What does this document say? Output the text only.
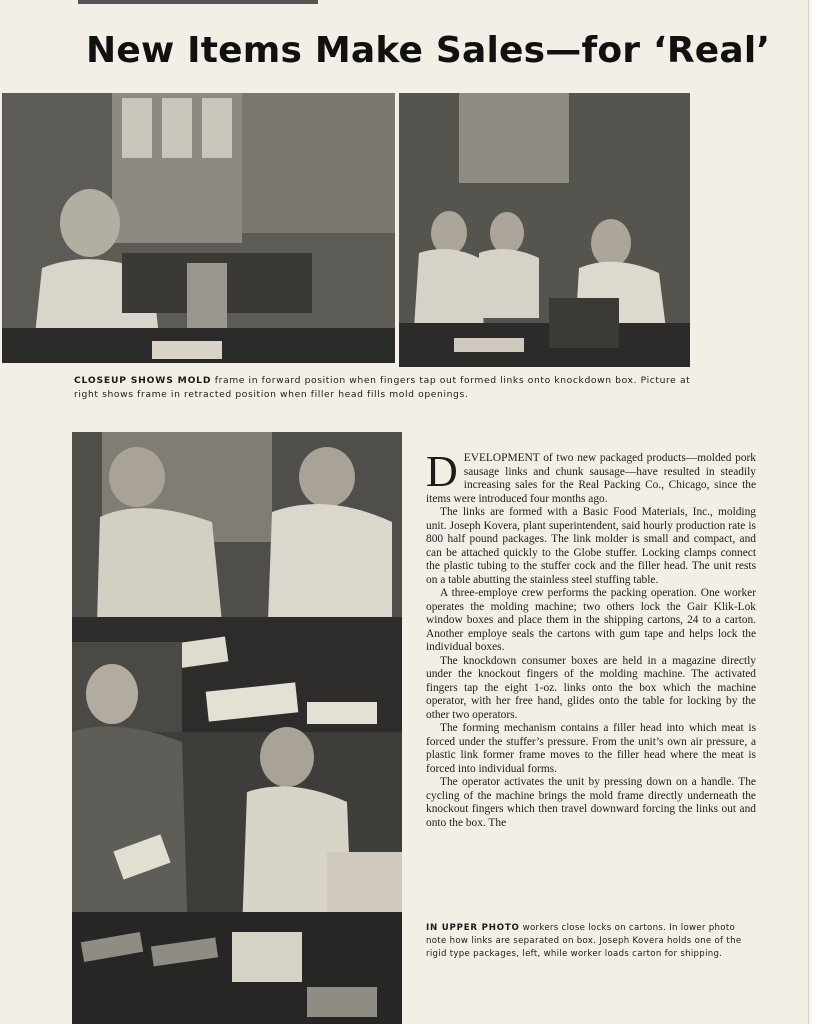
New Items Make Sales—for ‘Real’
CLOSEUP SHOWS MOLD frame in forward position when fingers tap out formed links onto knockdown box. Picture at right shows frame in retracted position when filler head fills mold openings.

DEVELOPMENT of two new packaged products—molded pork sausage links and chunk sausage—have resulted in steadily increasing sales for the Real Packing Co., Chicago, since the items were introduced four months ago.

The links are formed with a Basic Food Materials, Inc., molding unit. Joseph Kovera, plant superintendent, said hourly production rate is 800 half pound packages. The link molder is small and compact, and can be attached quickly to the Globe stuffer. Locking clamps connect the plastic tubing to the stuffer cock and the filler head. The unit rests on a table abutting the stainless steel stuffing table.

A three-employe crew performs the packing operation. One worker operates the molding machine; two others lock the Gair Klik-Lok window boxes and place them in the shipping cartons, 24 to a carton. Another employe seals the cartons with gum tape and helps lock the individual boxes.

The knockdown consumer boxes are held in a magazine directly under the knockout fingers of the molding machine. The activated fingers tap the eight 1-oz. links onto the box which the machine operator, with her free hand, glides onto the table for locking by the other two operators.

The forming mechanism contains a filler head into which meat is forced under the stuffer’s pressure. From the unit’s own air pressure, a plastic link former frame moves to the filler head where the meat is forced into individual forms.

The operator activates the unit by pressing down on a handle. The cycling of the machine brings the mold frame directly underneath the knockout fingers which then travel downward forcing the links out and onto the box. The

IN UPPER PHOTO workers close locks on cartons. In lower photo note how links are separated on box. Joseph Kovera holds one of the rigid type packages, left, while worker loads carton for shipping.
